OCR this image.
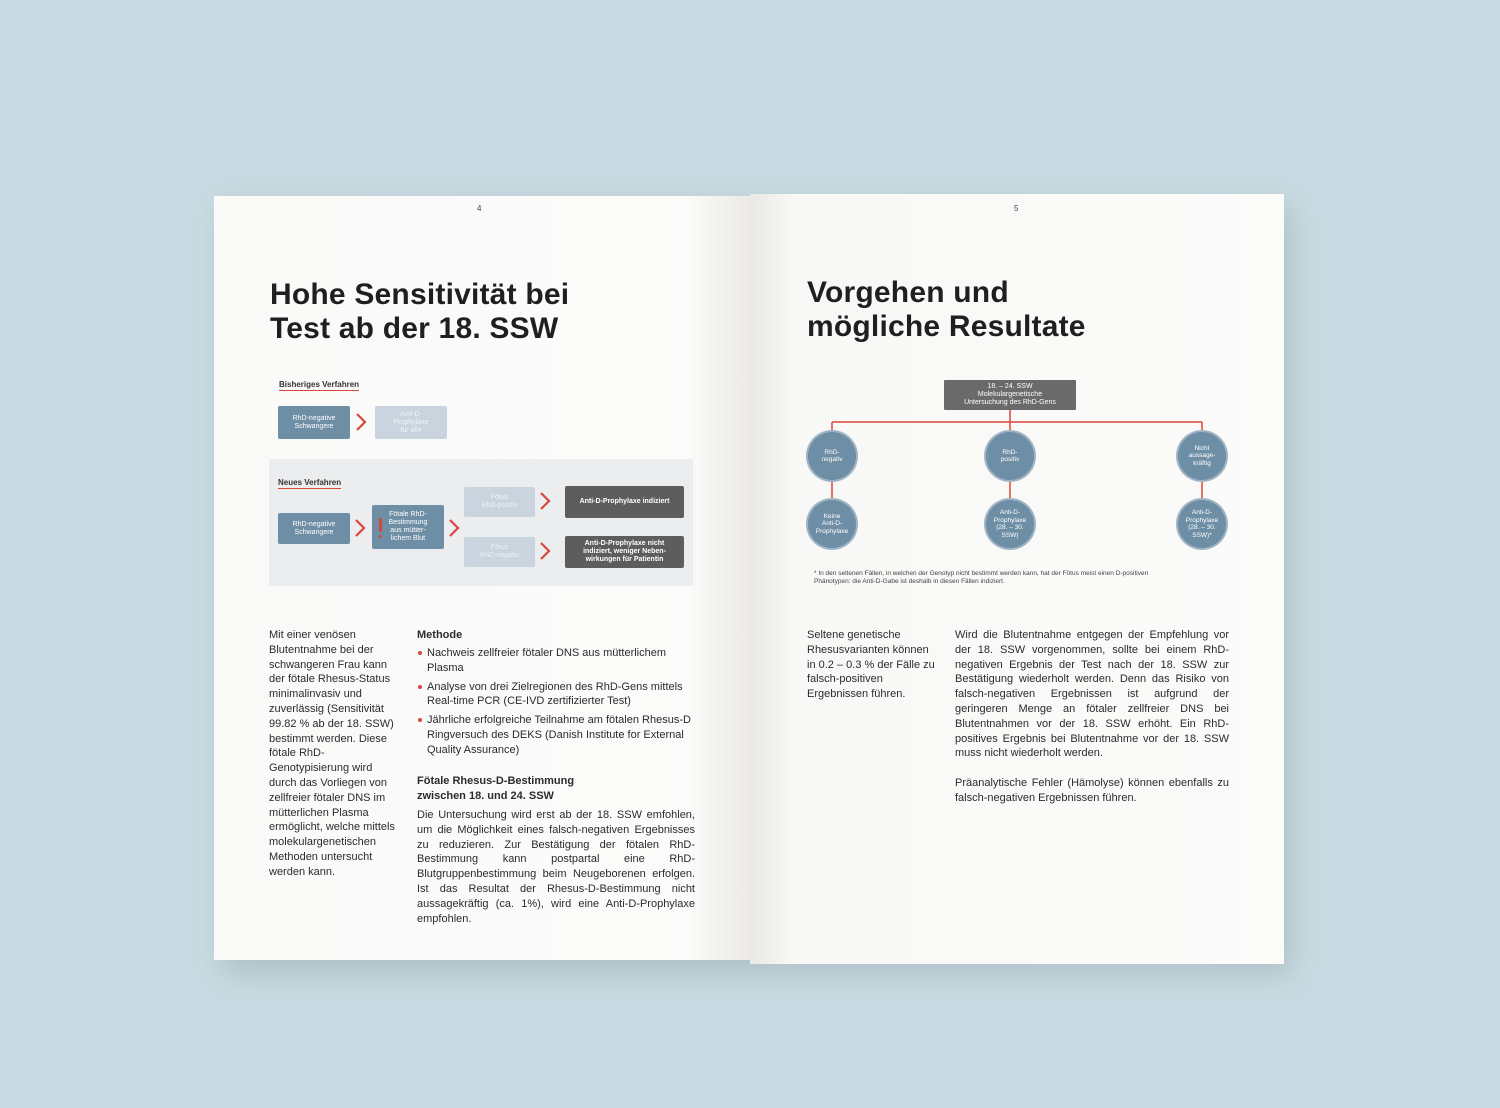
4
Hohe Sensitivität bei
Test ab der 18. SSW
Bisheriges Verfahren
RhD-negative
Schwangere
Anti-D-
Prophylaxe
für alle
Neues Verfahren
RhD-negative
Schwangere
Fötale RhD-
Bestimmung
aus mütter-
lichem Blut
Fötus
RhD-positiv
Fötus
RhD-negativ
Anti-D-Prophylaxe indiziert
Anti-D-Prophylaxe nicht
indiziert, weniger Neben-
wirkungen für Patientin

Mit einer venösen Blutentnahme bei der schwangeren Frau kann der fötale Rhesus-Status minimalinvasiv und zuverlässig (Sensitivität 99.82 % ab der 18. SSW) bestimmt werden. Diese fötale RhD-Genotypisierung wird durch das Vorliegen von zellfreier fötaler DNS im mütterlichen Plasma ermöglicht, welche mittels molekulargenetischen Methoden untersucht werden kann.

Methode

Nachweis zellfreier fötaler DNS aus mütterlichem Plasma
Analyse von drei Zielregionen des RhD-Gens mittels Real-time PCR (CE-IVD zertifizierter Test)
Jährliche erfolgreiche Teilnahme am fötalen Rhesus-D Ringversuch des DEKS (Danish Institute for External Quality Assurance)

Fötale Rhesus-D-Bestimmung zwischen 18. und 24. SSW

Die Untersuchung wird erst ab der 18. SSW emfohlen, um die Möglichkeit eines falsch-negativen Ergebnisses zu reduzieren. Zur Bestätigung der fötalen RhD-Bestimmung kann postpartal eine RhD-Blutgruppenbestimmung beim Neugeborenen erfolgen. Ist das Resultat der Rhesus-D-Bestimmung nicht aussagekräftig (ca. 1%), wird eine Anti-D-Prophylaxe empfohlen.

5
Vorgehen und
mögliche Resultate
18. – 24. SSW
Molekulargenetische
Untersuchung des RhD-Gens
RhD-
negativ
RhD-
positiv
Nicht
aussage-
kräftig
Keine
Anti-D-
Prophylaxe
Anti-D-
Prophylaxe
(28. – 30.
SSW)
Anti-D-
Prophylaxe
(28. – 30.
SSW)*

* In den seltenen Fällen, in welchen der Genotyp nicht bestimmt werden kann, hat der Fötus meist einen D-positiven Phänotypen: die Anti-D-Gabe ist deshalb in diesen Fällen indiziert.

Seltene genetische Rhesusvarianten können in 0.2 – 0.3 % der Fälle zu falsch-positiven Ergebnissen führen.

Wird die Blutentnahme entgegen der Empfehlung vor der 18. SSW vorgenommen, sollte bei einem RhD-negativen Ergebnis der Test nach der 18. SSW zur Bestätigung wiederholt werden. Denn das Risiko von falsch-negativen Ergebnissen ist aufgrund der geringeren Menge an fötaler zellfreier DNS bei Blutentnahmen vor der 18. SSW erhöht. Ein RhD-positives Ergebnis bei Blutentnahme vor der 18. SSW muss nicht wiederholt werden.

Präanalytische Fehler (Hämolyse) können ebenfalls zu falsch-negativen Ergebnissen führen.
